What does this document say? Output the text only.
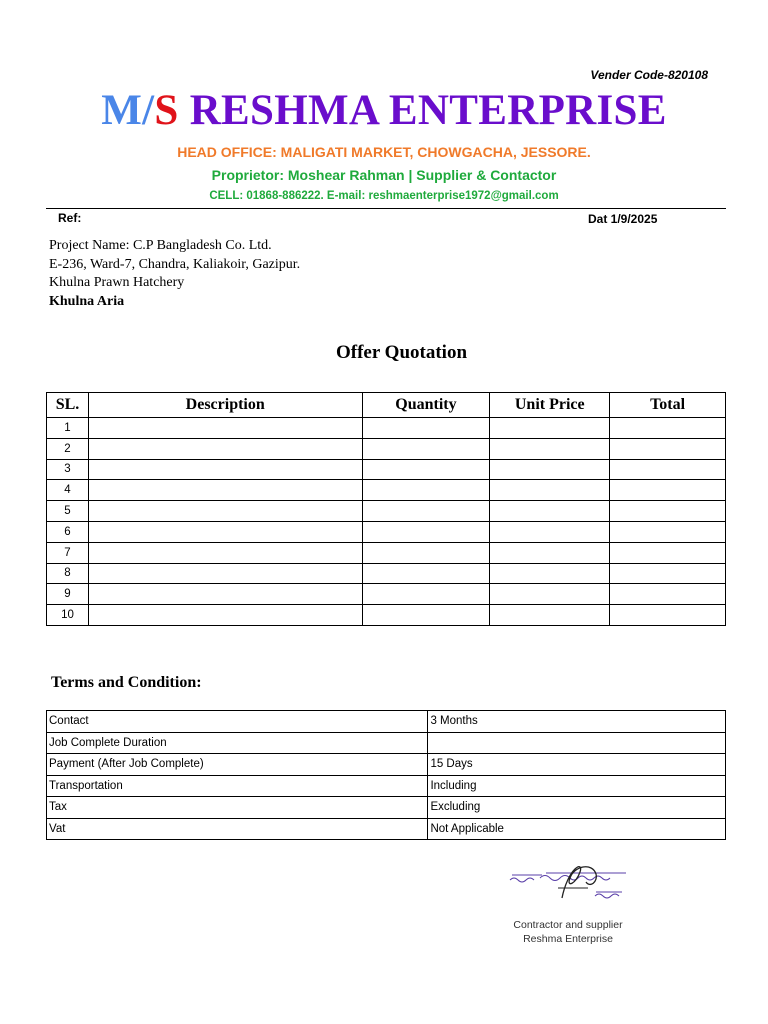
Vender Code-820108
M/S RESHMA ENTERPRISE
HEAD OFFICE: MALIGATI MARKET, CHOWGACHA, JESSORE.
Proprietor: Moshear Rahman | Supplier & Contactor
CELL: 01868-886222. E-mail: reshmaenterprise1972@gmail.com
Ref:	Dat 1/9/2025
Project Name: C.P Bangladesh Co. Ltd.
E-236, Ward-7, Chandra, Kaliakoir, Gazipur.
Khulna Prawn Hatchery
Khulna Aria
Offer Quotation
SL.	Description	Quantity	Unit Price	Total
1				
2				
3				
4				
5				
6				
7				
8				
9				
10				
Terms and Condition:
Contact	3 Months
Job Complete Duration	
Payment (After Job Complete)	15 Days
Transportation	Including
Tax	Excluding
Vat	Not Applicable
Contractor and supplier
Reshma Enterprise
